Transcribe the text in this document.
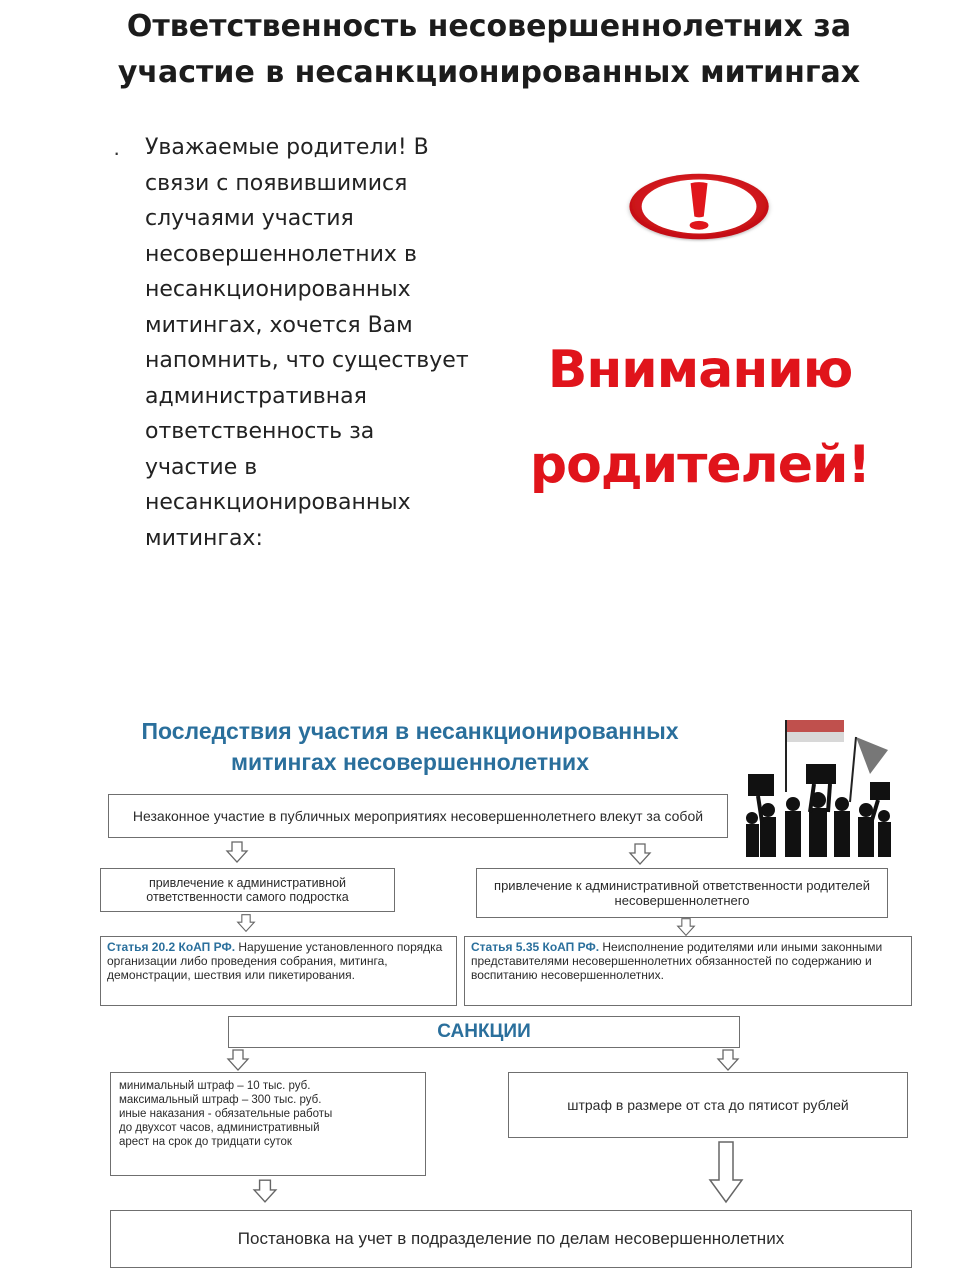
Ответственность несовершеннолетних за
участие в несанкционированных митингах
· Уважаемые родители! В
связи с появившимися
случаями участия
несовершеннолетних в
несанкционированных
митингах, хочется Вам
напомнить, что существует
административная
ответственность за
участие в
несанкционированных
митингах:
Вниманию
родителей!
Последствия участия в несанкционированных
митингах несовершеннолетних
Незаконное участие в публичных мероприятиях несовершеннолетнего влекут за собой
привлечение к административной ответственности самого подростка
привлечение к административной ответственности родителей несовершеннолетнего
Статья 20.2 КоАП РФ. Нарушение установленного порядка организации либо проведения собрания, митинга, демонстрации, шествия или пикетирования.
Статья 5.35 КоАП РФ. Неисполнение родителями или иными законными представителями несовершеннолетних обязанностей по содержанию и воспитанию несовершеннолетних.
САНКЦИИ
минимальный штраф – 10 тыс. руб.
максимальный штраф – 300 тыс. руб.
иные наказания - обязательные работы
до двухсот часов, административный
арест на срок до тридцати суток
штраф в размере от ста до пятисот рублей
Постановка на учет в подразделение по делам несовершеннолетних
